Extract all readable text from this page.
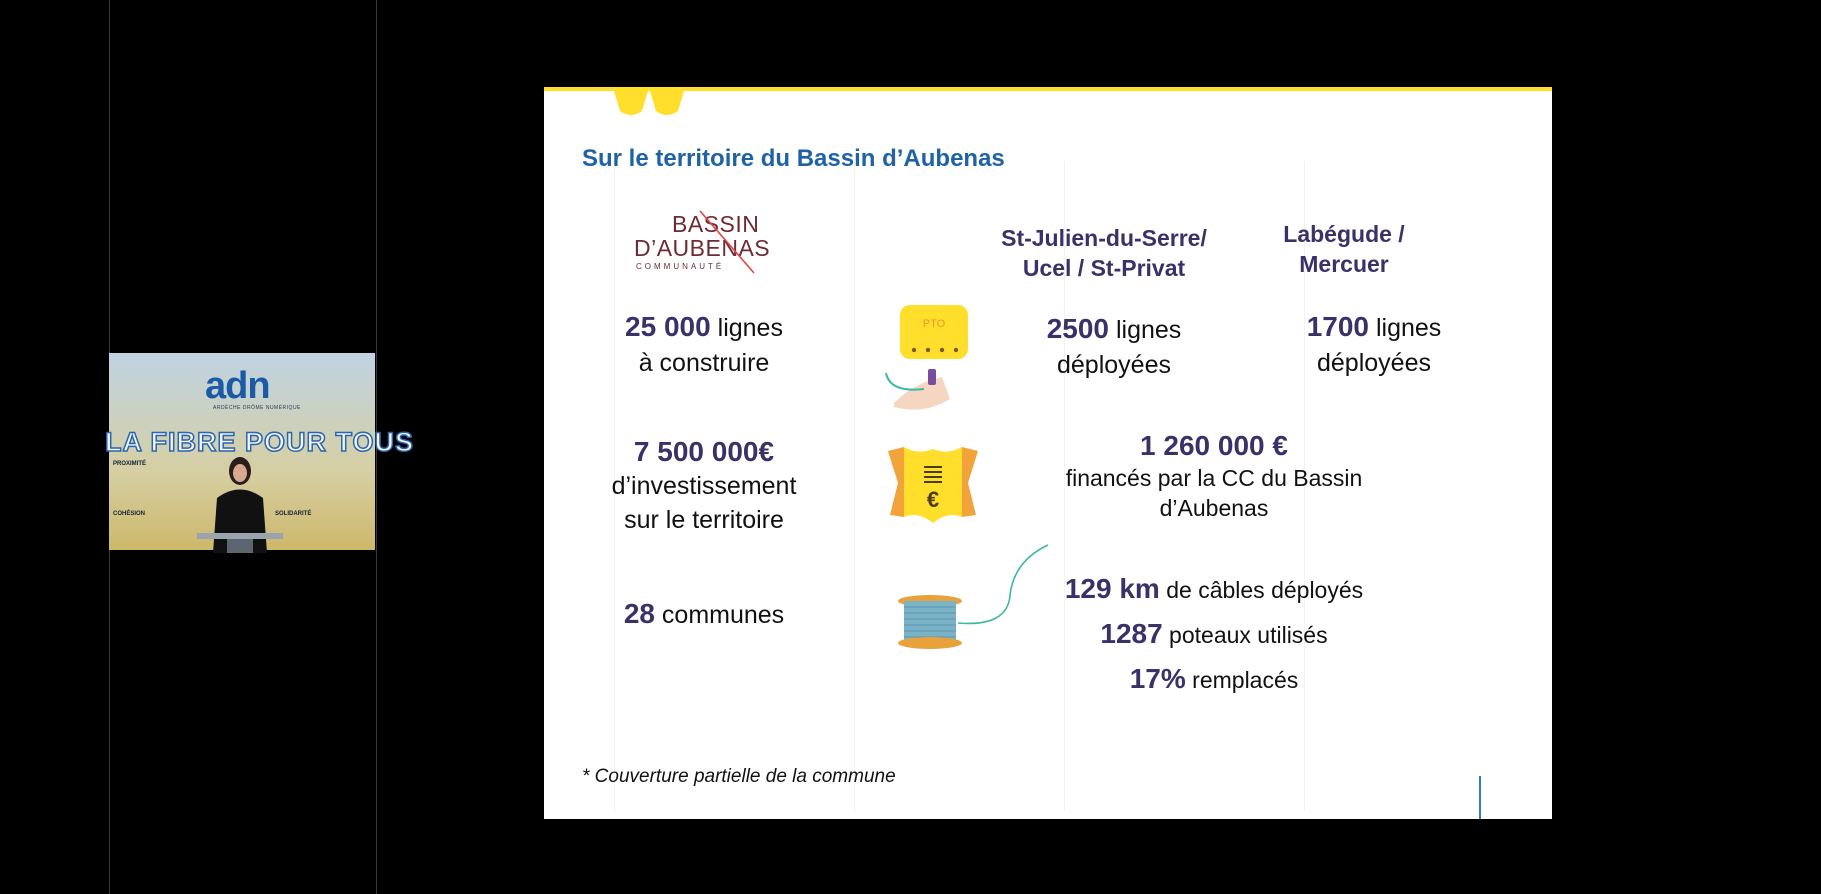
adn
ARDÈCHE DRÔME NUMÉRIQUE
LA FIBRE POUR TOUS
PROXIMITÉ
COHÉSION	SOLIDARITÉ
Sur le territoire du Bassin d’Aubenas
BASSIN
D’AUBENAS
COMMUNAUTÉ
St-Julien-du-Serre/
Ucel / St-Privat
Labégude /
Mercuer
25 000 lignes
à construire
PTO	2500 lignes
déployées
1700 lignes
déployées
7 500 000€
d’investissement
sur le territoire
€
1 260 000 €
financés par la CC du Bassin
d’Aubenas
28 communes
129 km de câbles déployés
1287 poteaux utilisés
17% remplacés
* Couverture partielle de la commune
